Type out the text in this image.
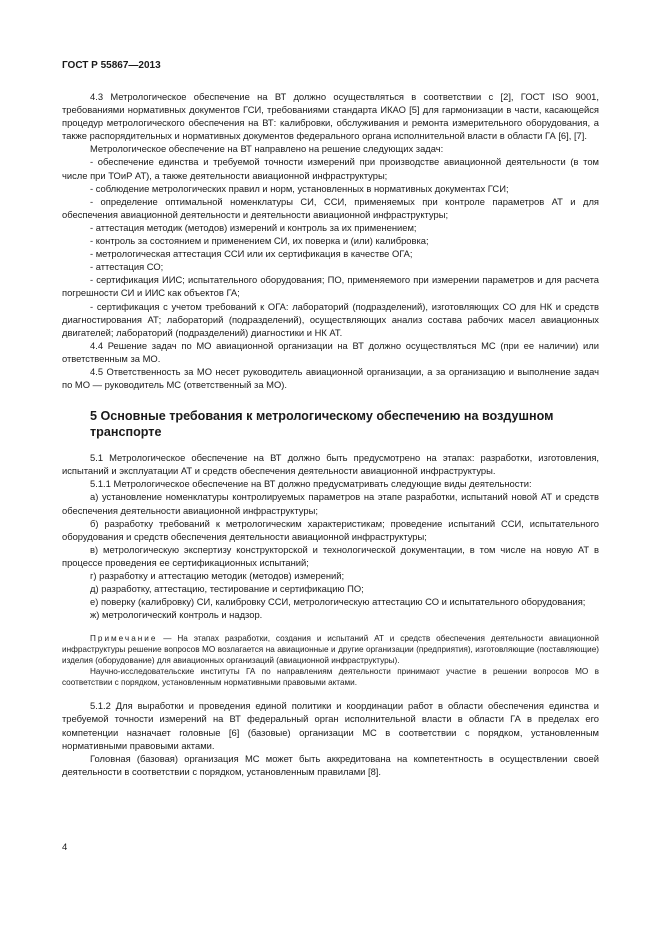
ГОСТ Р 55867—2013

4.3 Метрологическое обеспечение на ВТ должно осуществляться в соответствии с [2], ГОСТ ISO 9001, требованиями нормативных документов ГСИ, требованиями стандарта ИКАО [5] для гармонизации в части, касающейся процедур метрологического обеспечения на ВТ: калибровки, обслуживания и ремонта измерительного оборудования, а также распорядительных и нормативных документов федерального органа исполнительной власти в области ГА [6], [7].

Метрологическое обеспечение на ВТ направлено на решение следующих задач:

- обеспечение единства и требуемой точности измерений при производстве авиационной деятельности (в том числе при ТОиР АТ), а также деятельности авиационной инфраструктуры;

- соблюдение метрологических правил и норм, установленных в нормативных документах ГСИ;

- определение оптимальной номенклатуры СИ, ССИ, применяемых при контроле параметров АТ и для обеспечения авиационной деятельности и деятельности авиационной инфраструктуры;

- аттестация методик (методов) измерений и контроль за их применением;

- контроль за состоянием и применением СИ, их поверка и (или) калибровка;

- метрологическая аттестация ССИ или их сертификация в качестве ОГА;

- аттестация СО;

- сертификация ИИС; испытательного оборудования; ПО, применяемого при измерении параметров и для расчета погрешности СИ и ИИС как объектов ГА;

- сертификация с учетом требований к ОГА: лабораторий (подразделений), изготовляющих СО для НК и средств диагностирования АТ; лабораторий (подразделений), осуществляющих анализ состава рабочих масел авиационных двигателей; лабораторий (подразделений) диагностики и НК АТ.

4.4 Решение задач по МО авиационной организации на ВТ должно осуществляться МС (при ее наличии) или ответственным за МО.

4.5 Ответственность за МО несет руководитель авиационной организации, а за организацию и выполнение задач по МО — руководитель МС (ответственный за МО).

5 Основные требования к метрологическому обеспечению на воздушном транспорте

5.1 Метрологическое обеспечение на ВТ должно быть предусмотрено на этапах: разработки, изготовления, испытаний и эксплуатации АТ и средств обеспечения деятельности авиационной инфраструктуры.

5.1.1 Метрологическое обеспечение на ВТ должно предусматривать следующие виды деятельности:

а) установление номенклатуры контролируемых параметров на этапе разработки, испытаний новой АТ и средств обеспечения деятельности авиационной инфраструктуры;

б) разработку требований к метрологическим характеристикам; проведение испытаний ССИ, испытательного оборудования и средств обеспечения деятельности авиационной инфраструктуры;

в) метрологическую экспертизу конструкторской и технологической документации, в том числе на новую АТ в процессе проведения ее сертификационных испытаний;

г) разработку и аттестацию методик (методов) измерений;

д) разработку, аттестацию, тестирование и сертификацию ПО;

е) поверку (калибровку) СИ, калибровку ССИ, метрологическую аттестацию СО и испытательного оборудования;

ж) метрологический контроль и надзор.

Примечание — На этапах разработки, создания и испытаний АТ и средств обеспечения деятельности авиационной инфраструктуры решение вопросов МО возлагается на авиационные и другие организации (предприятия), изготовляющие (поставляющие) изделия (оборудование) для авиационных организаций (авиационной инфраструктуры).

Научно-исследовательские институты ГА по направлениям деятельности принимают участие в решении вопросов МО в соответствии с порядком, установленным нормативными правовыми актами.

5.1.2 Для выработки и проведения единой политики и координации работ в области обеспечения единства и требуемой точности измерений на ВТ федеральный орган исполнительной власти в области ГА в пределах его компетенции назначает головные [6] (базовые) организации МС в соответствии с порядком, установленным нормативными правовыми актами.

Головная (базовая) организация МС может быть аккредитована на компетентность в осуществлении своей деятельности в соответствии с порядком, установленным правилами [8].

4
